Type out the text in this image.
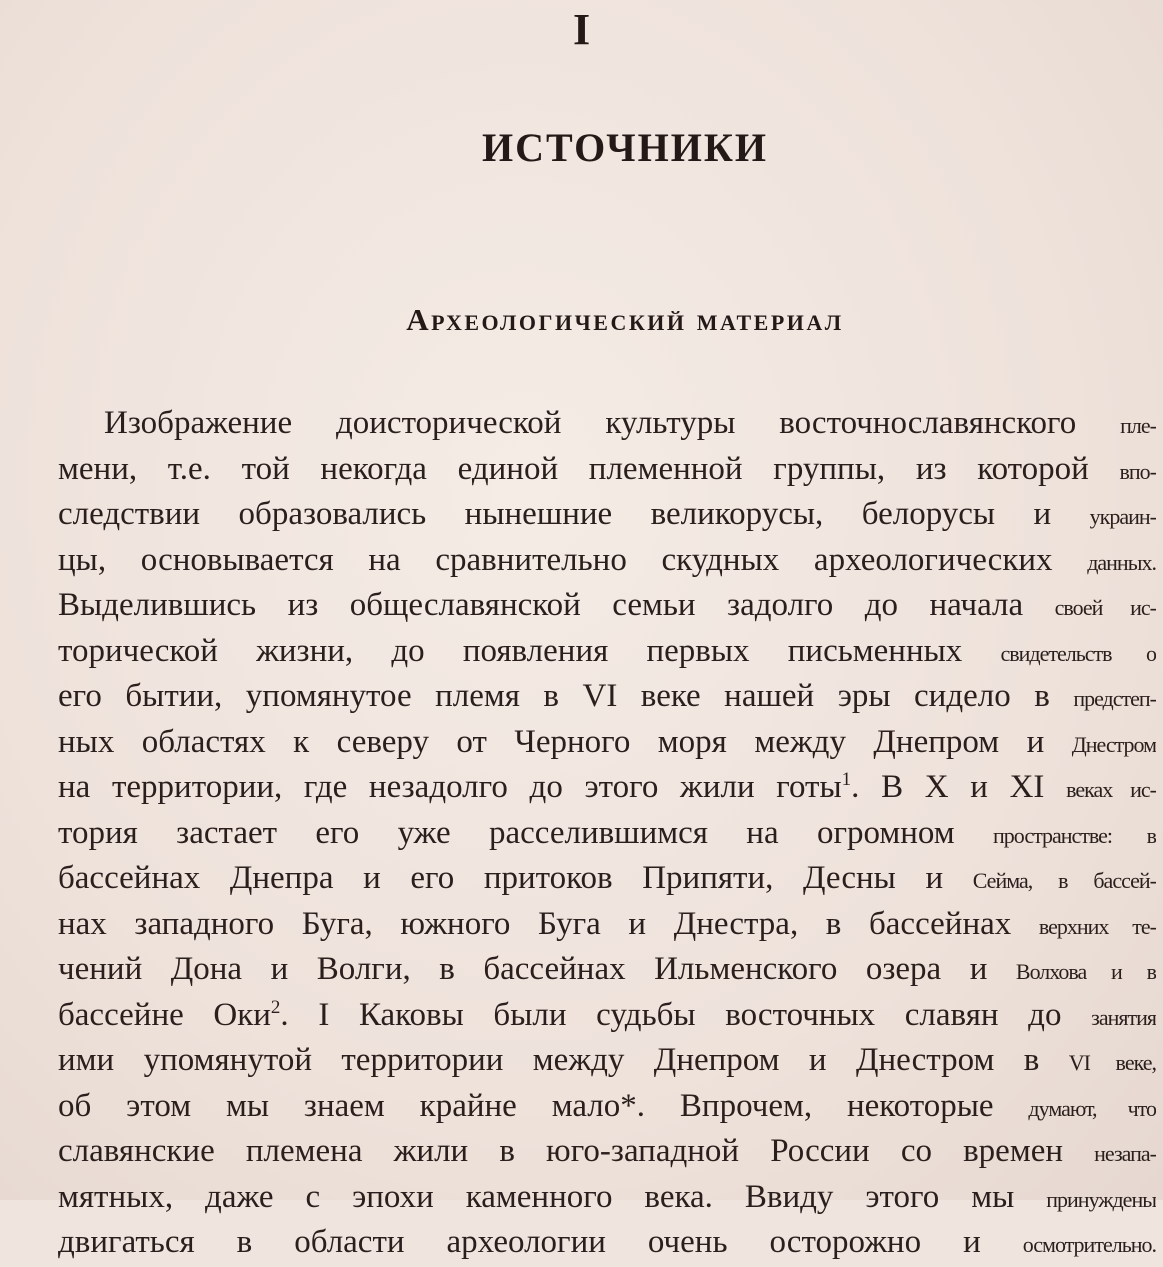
I
ИСТОЧНИКИ
Археологический материал
Изображение доисторической культуры восточнославянского пле-
мени, т.е. той некогда единой племенной группы, из которой впо-
следствии образовались нынешние великорусы, белорусы и украин-
цы, основывается на сравнительно скудных археологических данных.
Выделившись из общеславянской семьи задолго до начала своей ис-
торической жизни, до появления первых письменных свидетельств о
его бытии, упомянутое племя в VI веке нашей эры сидело в предстеп-
ных областях к северу от Черного моря между Днепром и Днестром
на территории, где незадолго до этого жили готы$^1$. В X и XI веках ис-
тория застает его уже расселившимся на огромном пространстве: в
бассейнах Днепра и его притоков Припяти, Десны и Сейма, в бассей-
нах западного Буга, южного Буга и Днестра, в бассейнах верхних те-
чений Дона и Волги, в бассейнах Ильменского озера и Волхова и в
бассейне Оки$^2$. I Каковы были судьбы восточных славян до занятия
ими упомянутой территории между Днепром и Днестром в VI веке,
об этом мы знаем крайне мало*. Впрочем, некоторые думают, что
славянские племена жили в юго-западной России со времен незапа-
мятных, даже с эпохи каменного века. Ввиду этого мы принуждены
двигаться в области археологии очень осторожно и осмотрительно.
